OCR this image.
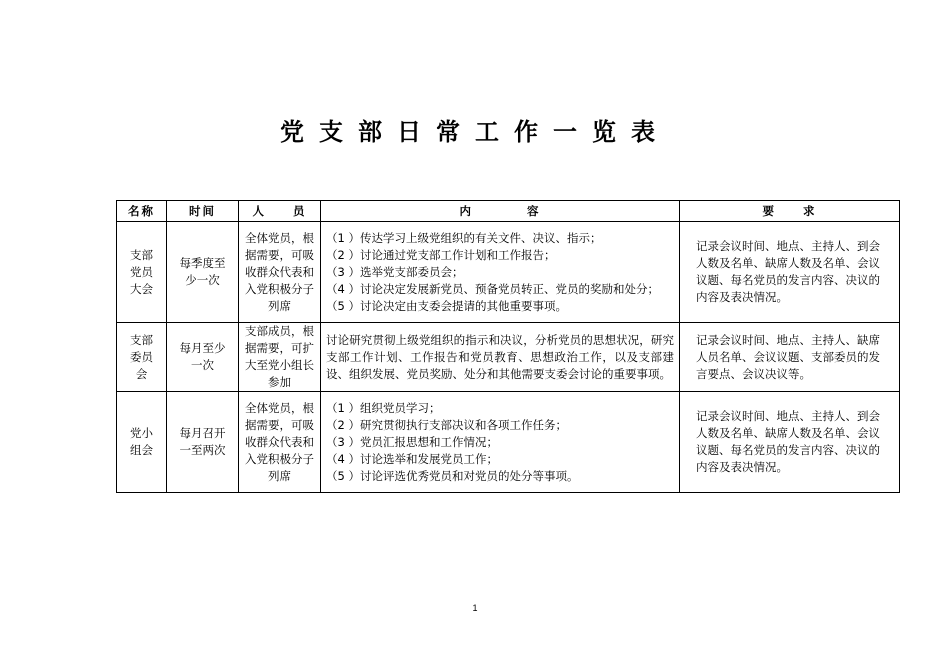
党支部日常工作一览表
名称	时间	人　　员	内　　　　容	要　　求
支部党员大会	每季度至少一次	全体党员，根据需要，可吸收群众代表和入党积极分子列席	（1 ）传达学习上级党组织的有关文件、决议、指示；
（2 ）讨论通过党支部工作计划和工作报告；
（3 ）选举党支部委员会；
（4 ）讨论决定发展新党员、预备党员转正、党员的奖励和处分；
（5 ）讨论决定由支委会提请的其他重要事项。	记录会议时间、地点、主持人、到会人数及名单、缺席人数及名单、会议议题、每名党员的发言内容、决议的内容及表决情况。
支部委员会	每月至少一次	支部成员，根据需要，可扩大至党小组长参加	讨论研究贯彻上级党组织的指示和决议，分析党员的思想状况，研究支部工作计划、工作报告和党员教育、思想政治工作，以及支部建设、组织发展、党员奖励、处分和其他需要支委会讨论的重要事项。	记录会议时间、地点、主持人、缺席人员名单、会议议题、支部委员的发言要点、会议决议等。
党小组会	每月召开一至两次	全体党员，根据需要，可吸收群众代表和入党积极分子列席	（1 ）组织党员学习；
（2 ）研究贯彻执行支部决议和各项工作任务；
（3 ）党员汇报思想和工作情况；
（4 ）讨论选举和发展党员工作；
（5 ）讨论评选优秀党员和对党员的处分等事项。	记录会议时间、地点、主持人、到会人数及名单、缺席人数及名单、会议议题、每名党员的发言内容、决议的内容及表决情况。
1
